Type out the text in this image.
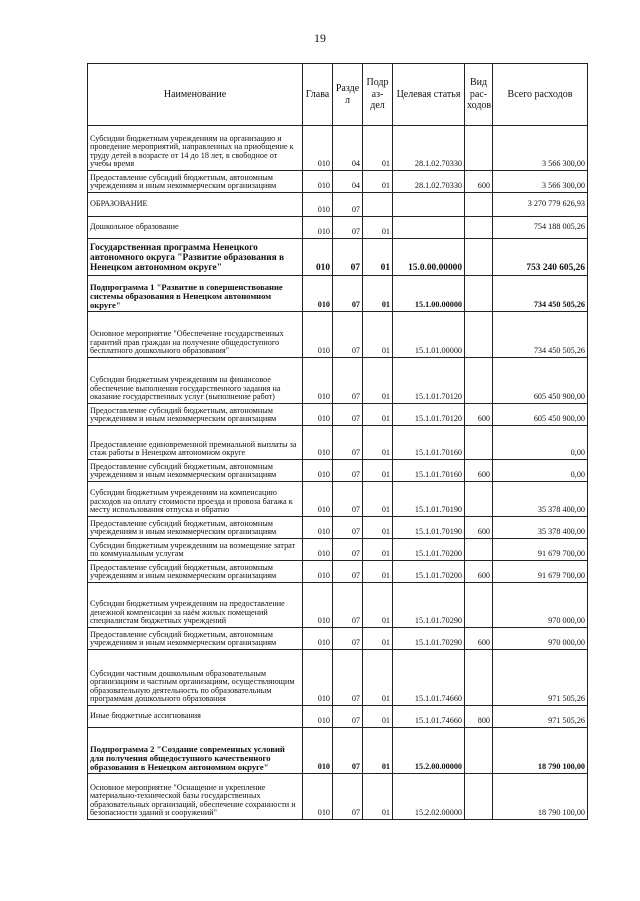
19
Наименование	Глава	Разде л	Подр аз- дел	Целевая статья	Вид рас- ходов	Всего расходов
Субсидии бюджетным учреждениям на организацию и проведение мероприятий, направленных на приобщение к труду детей в возрасте от 14 до 18 лет, в свободное от учебы время	010	04	01	28.1.02.70330		3 566 300,00
Предоставление субсидий бюджетным, автономным учреждениям и иным некоммерческим организациям	010	04	01	28.1.02.70330	600	3 566 300,00
ОБРАЗОВАНИЕ	010	07				3 270 779 626,93
Дошкольное образование	010	07	01			754 188 005,26
Государственная программа Ненецкого автономного округа "Развитие образования в Ненецком автономном округе"	010	07	01	15.0.00.00000		753 240 605,26
Подпрограмма 1 "Развитие и совершенствование системы образования в Ненецком автономном округе"	010	07	01	15.1.00.00000		734 450 505,26
Основное мероприятие "Обеспечение государственных гарантий прав граждан на получение общедоступного бесплатного дошкольного образования"	010	07	01	15.1.01.00000		734 450 505,26
Субсидии бюджетным учреждениям на финансовое обеспечение выполнения государственного задания на оказание государственных услуг (выполнение работ)	010	07	01	15.1.01.70120		605 450 900,00
Предоставление субсидий бюджетным, автономным учреждениям и иным некоммерческим организациям	010	07	01	15.1.01.70120	600	605 450 900,00
Предоставление единовременной премиальной выплаты за стаж работы в Ненецком автономном округе	010	07	01	15.1.01.70160		0,00
Предоставление субсидий бюджетным, автономным учреждениям и иным некоммерческим организациям	010	07	01	15.1.01.70160	600	0,00
Субсидии бюджетным учреждениям на компенсацию расходов на оплату стоимости проезда и провоза багажа к месту использования отпуска и обратно	010	07	01	15.1.01.70190		35 378 400,00
Предоставление субсидий бюджетным, автономным учреждениям и иным некоммерческим организациям	010	07	01	15.1.01.70190	600	35 378 400,00
Субсидии бюджетным учреждениям на возмещение затрат по коммунальным услугам	010	07	01	15.1.01.70200		91 679 700,00
Предоставление субсидий бюджетным, автономным учреждениям и иным некоммерческим организациям	010	07	01	15.1.01.70200	600	91 679 700,00
Субсидии бюджетным учреждениям на предоставление денежной компенсации за наём жилых помещений специалистам бюджетных учреждений	010	07	01	15.1.01.70290		970 000,00
Предоставление субсидий бюджетным, автономным учреждениям и иным некоммерческим организациям	010	07	01	15.1.01.70290	600	970 000,00
Субсидии частным дошкольным образовательным организациям и частным организациям, осуществляющим образовательную деятельность по образовательным программам дошкольного образования	010	07	01	15.1.01.74660		971 505,26
Иные бюджетные ассигнования	010	07	01	15.1.01.74660	800	971 505,26
Подпрограмма 2 "Создание современных условий для получения общедоступного качественного образования в Ненецком автономном округе"	010	07	01	15.2.00.00000		18 790 100,00
Основное мероприятие "Оснащение и укрепление материально-технической базы государственных образовательных организаций, обеспечение сохранности и безопасности зданий и сооружений"	010	07	01	15.2.02.00000		18 790 100,00
